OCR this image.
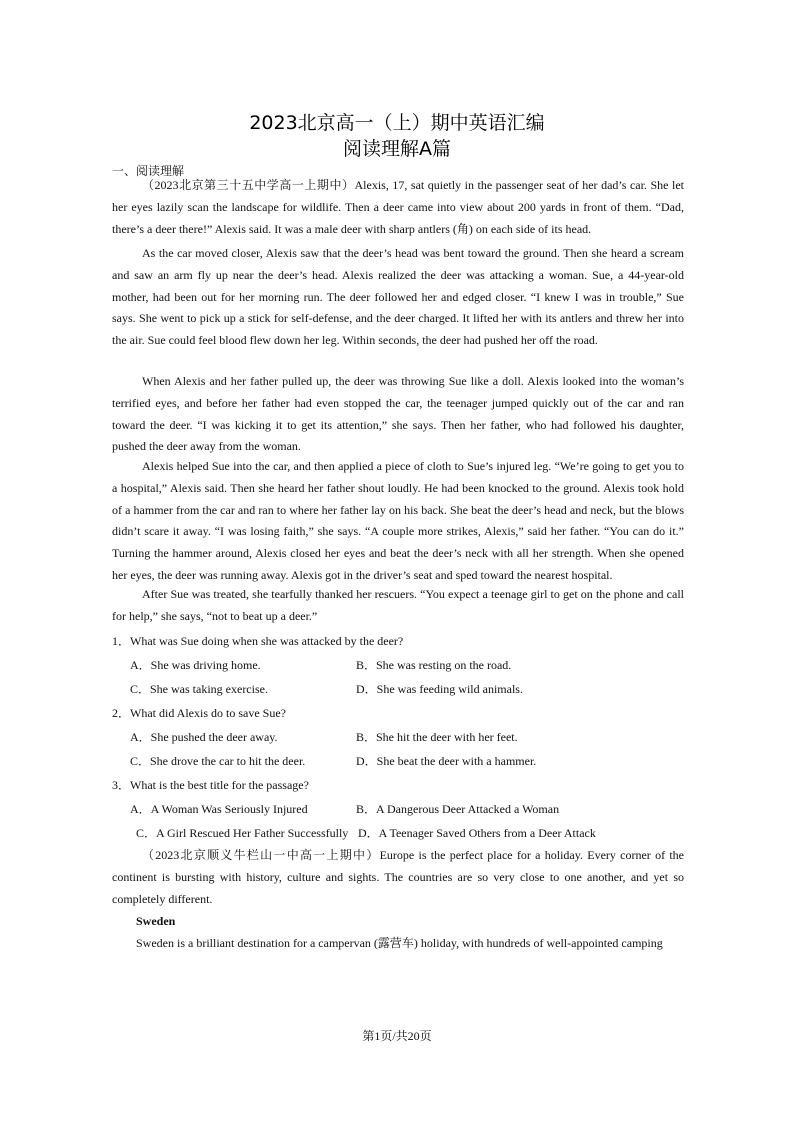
2023北京高一（上）期中英语汇编
阅读理解A篇
一、阅读理解

（2023北京第三十五中学高一上期中）Alexis, 17, sat quietly in the passenger seat of her dad’s car. She let her eyes lazily scan the landscape for wildlife. Then a deer came into view about 200 yards in front of them. “Dad, there’s a deer there!” Alexis said. It was a male deer with sharp antlers (角) on each side of its head.

As the car moved closer, Alexis saw that the deer’s head was bent toward the ground. Then she heard a scream and saw an arm fly up near the deer’s head. Alexis realized the deer was attacking a woman. Sue, a 44-year-old mother, had been out for her morning run. The deer followed her and edged closer. “I knew I was in trouble,” Sue says. She went to pick up a stick for self-defense, and the deer charged. It lifted her with its antlers and threw her into the air. Sue could feel blood flew down her leg. Within seconds, the deer had pushed her off the road.

When Alexis and her father pulled up, the deer was throwing Sue like a doll. Alexis looked into the woman’s terrified eyes, and before her father had even stopped the car, the teenager jumped quickly out of the car and ran toward the deer. “I was kicking it to get its attention,” she says. Then her father, who had followed his daughter, pushed the deer away from the woman.

Alexis helped Sue into the car, and then applied a piece of cloth to Sue’s injured leg. “We’re going to get you to a hospital,” Alexis said. Then she heard her father shout loudly. He had been knocked to the ground. Alexis took hold of a hammer from the car and ran to where her father lay on his back. She beat the deer’s head and neck, but the blows didn’t scare it away. “I was losing faith,” she says. “A couple more strikes, Alexis,” said her father. “You can do it.” Turning the hammer around, Alexis closed her eyes and beat the deer’s neck with all her strength. When she opened her eyes, the deer was running away. Alexis got in the driver’s seat and sped toward the nearest hospital.

After Sue was treated, she tearfully thanked her rescuers. “You expect a teenage girl to get on the phone and call for help,” she says, “not to beat up a deer.”

1．What was Sue doing when she was attacked by the deer?

A．She was driving home.	B．She was resting on the road.

C．She was taking exercise.	D．She was feeding wild animals.

2．What did Alexis do to save Sue?

A．She pushed the deer away.	B．She hit the deer with her feet.

C．She drove the car to hit the deer.	D．She beat the deer with a hammer.

3．What is the best title for the passage?

A．A Woman Was Seriously Injured	B．A Dangerous Deer Attacked a Woman

C．A Girl Rescued Her Father Successfully D．A Teenager Saved Others from a Deer Attack

（2023北京顺义牛栏山一中高一上期中）Europe is the perfect place for a holiday. Every corner of the continent is bursting with history, culture and sights. The countries are so very close to one another, and yet so completely different.

Sweden

Sweden is a brilliant destination for a campervan (露营车) holiday, with hundreds of well-appointed camping

第1页/共20页
